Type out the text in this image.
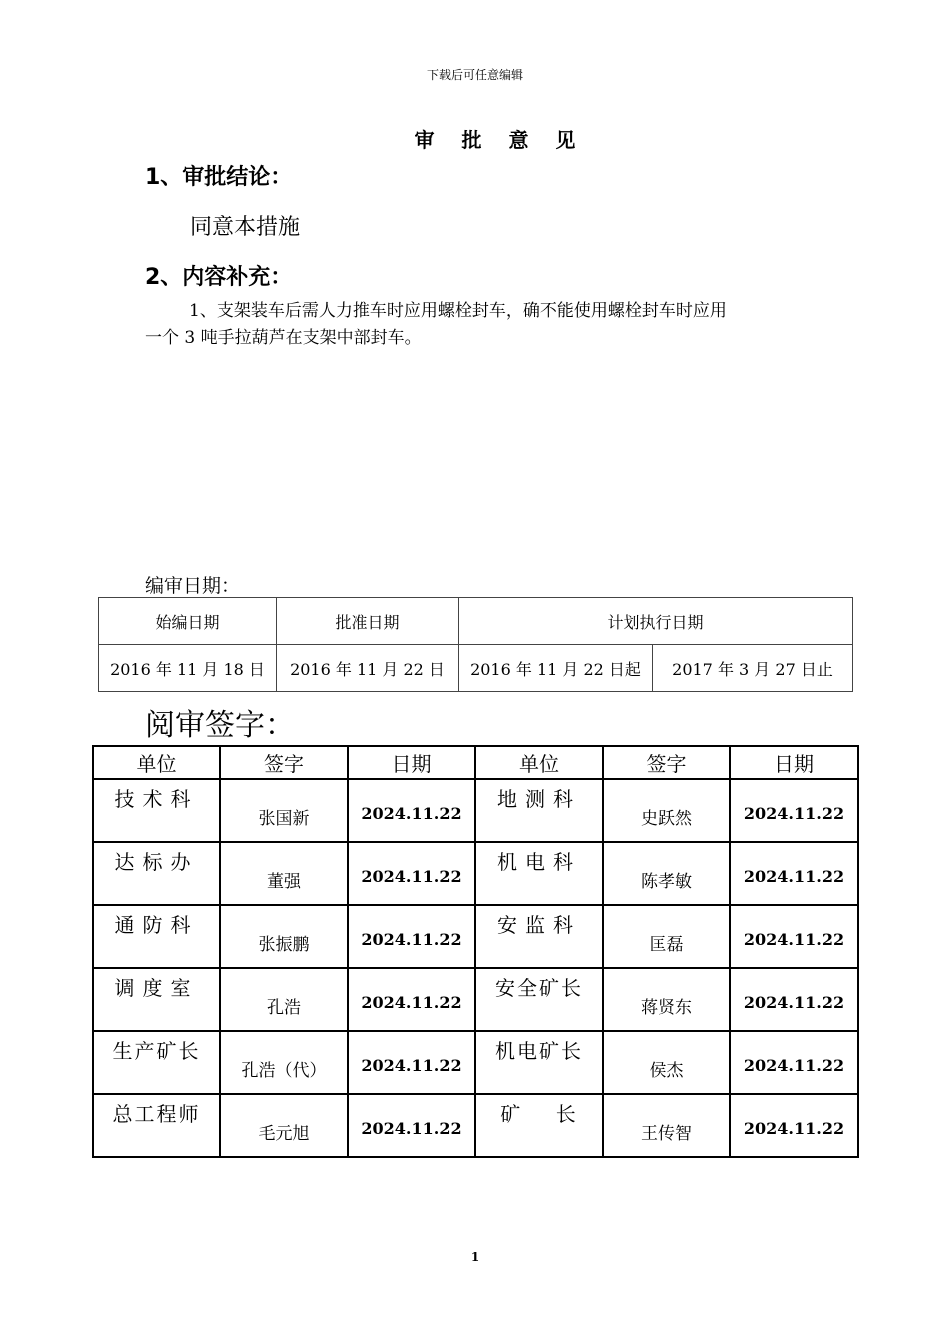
下载后可任意编辑
审 批 意 见
1、审批结论：
同意本措施
2、内容补充：
1、支架装车后需人力推车时应用螺栓封车，确不能使用螺栓封车时应用
一个 3 吨手拉葫芦在支架中部封车。
编审日期：
始编日期	批准日期	计划执行日期	
2016 年 11 月 18 日	2016 年 11 月 22 日	2016 年 11 月 22 日起	2017 年 3 月 27 日止
阅审签字：
单位	签字	日期	单位	签字	日期
技术科	张国新	2024.11.22	地测科	史跃然	2024.11.22
达标办	董强	2024.11.22	机电科	陈孝敏	2024.11.22
通防科	张振鹏	2024.11.22	安监科	匡磊	2024.11.22
调度室	孔浩	2024.11.22	安全矿长	蒋贤东	2024.11.22
生产矿长	孔浩（代）	2024.11.22	机电矿长	侯杰	2024.11.22
总工程师	毛元旭	2024.11.22	矿    长	王传智	2024.11.22
1
